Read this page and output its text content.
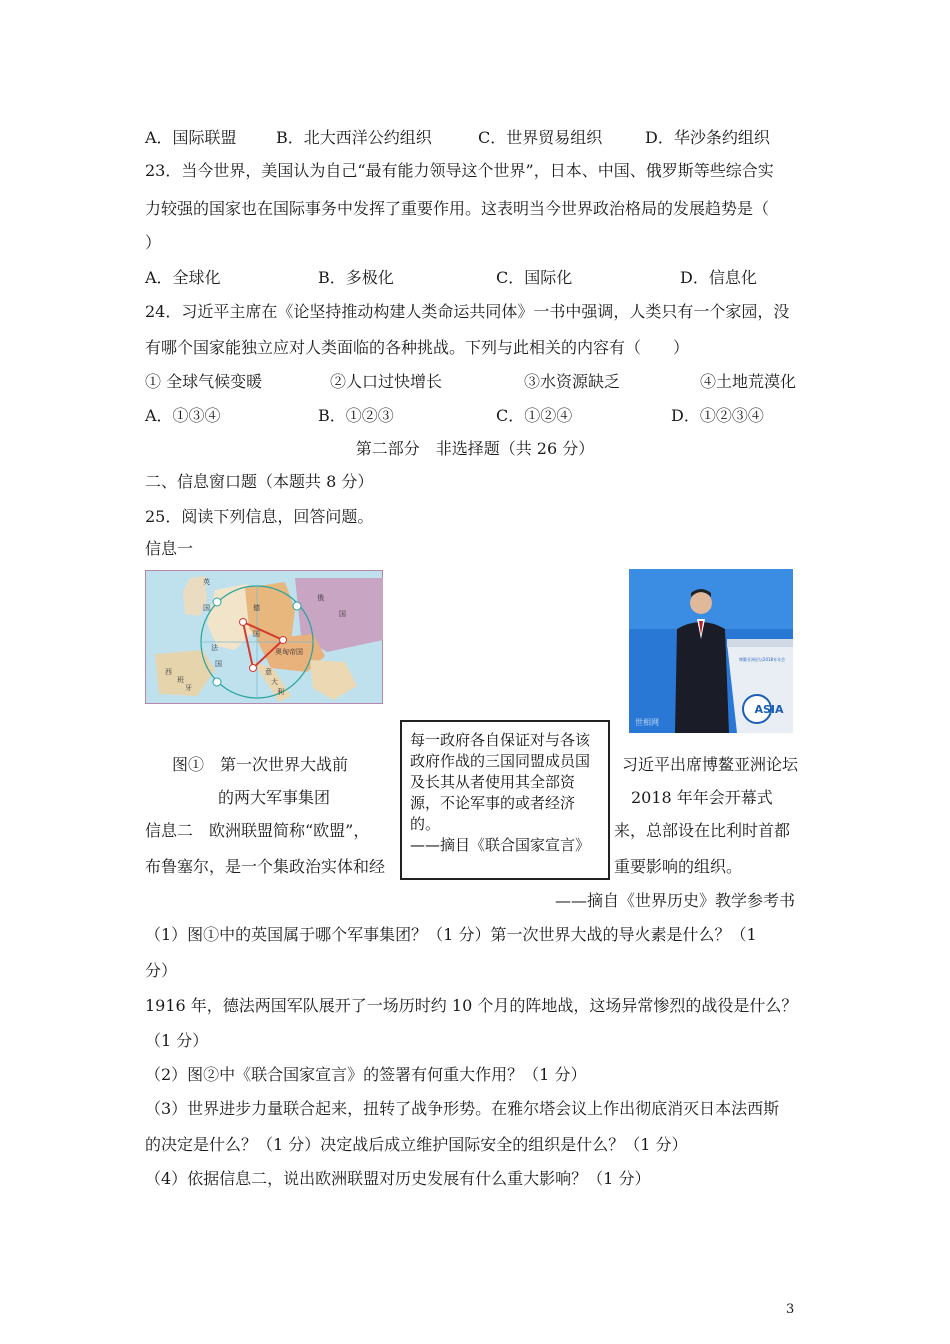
A．国际联盟 B．北大西洋公约组织	C．世界贸易组织	D．华沙条约组织
23．当今世界，美国认为自己“最有能力领导这个世界”，日本、中国、俄罗斯等些综合实
力较强的国家也在国际事务中发挥了重要作用。这表明当今世界政治格局的发展趋势是（
）
A．全球化	B．多极化	C．国际化	D．信息化
24．习近平主席在《论坚持推动构建人类命运共同体》一书中强调，人类只有一个家园，没
有哪个国家能独立应对人类面临的各种挑战。下列与此相关的内容有（　　）
① 全球气候变暖	②人口过快增长	③水资源缺乏	④土地荒漠化
A．①③④	B．①②③	C．①②④	D．①②③④
第二部分　非选择题（共 26 分）
二、信息窗口题（本题共 8 分）
25．阅读下列信息，回答问题。
信息一
英
国
法
国
德
国
俄
国
奥匈帝国
意
大
利
西
班
牙
ASIA
博鳌亚洲论坛2018年年会
世相网
图①　第一次世界大战前
的两大军事集团
习近平出席博鳌亚洲论坛
2018 年年会开幕式
信息二　欧洲联盟简称“欧盟”，	来，总部设在比利时首都
布鲁塞尔，是一个集政治实体和经	重要影响的组织。
——摘自《世界历史》教学参考书
每一政府各自保证对与各该政府作战的三国同盟成员国及长其从者使用其全部资源，不论军事的或者经济的。
——摘目《联合国家宣言》
（1）图①中的英国属于哪个军事集团？（1 分）第一次世界大战的导火素是什么？（1
分）
1916 年，德法两国军队展开了一场历时约 10 个月的阵地战，这场异常惨烈的战役是什么？
（1 分）
（2）图②中《联合国家宣言》的签署有何重大作用？（1 分）
（3）世界进步力量联合起来，扭转了战争形势。在雅尔塔会议上作出彻底消灭日本法西斯
的决定是什么？（1 分）决定战后成立维护国际安全的组织是什么？（1 分）
（4）依据信息二，说出欧洲联盟对历史发展有什么重大影响？（1 分）
3
